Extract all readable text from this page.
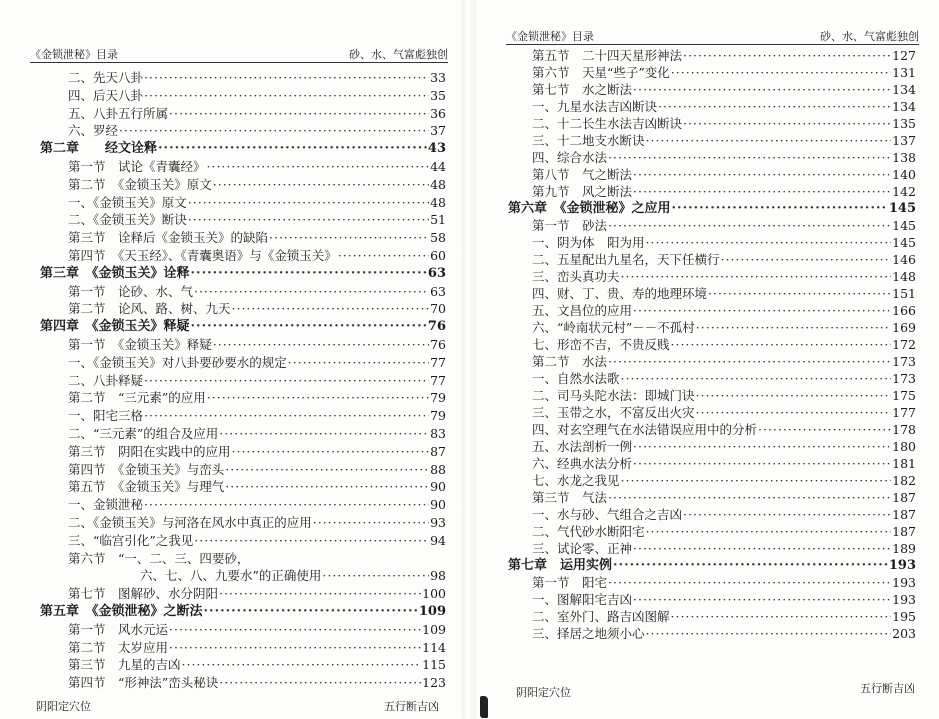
《金锁泄秘》目录	砂、水、气富彪独创
二、先天八卦 ·····	33
四、后天八卦 ·····	35
五、八卦五行所属 ·····	36
六、罗经 ·····	37
第二章　　经文诠释 ·····	43
第一节　试论《青囊经》 ·····	44
第二节　《金锁玉关》原文 ·····	48
一、《金锁玉关》原文 ·····	48
二、《金锁玉关》断诀 ·····	51
第三节　诠释后《金锁玉关》的缺陷 ·····	58
第四节　《天玉经》、《青囊奥语》与《金锁玉关》 ·····	60
第三章　《金锁玉关》诠释 ·····	63
第一节　论砂、水、气 ·····	63
第二节　论风、路、树、九天 ·····	70
第四章　《金锁玉关》释疑 ·····	76
第一节　《金锁玉关》释疑 ·····	76
一、《金锁玉关》对八卦要砂要水的规定 ·····	77
二、八卦释疑 ·····	77
第二节　“三元素”的应用 ·····	79
一、阳宅三格 ·····	79
二、“三元素”的组合及应用 ·····	83
第三节　阴阳在实践中的应用 ·····	87
第四节　《金锁玉关》与峦头 ·····	88
第五节　《金锁玉关》与理气 ·····	90
一、金锁泄秘 ·····	90
二、《金锁玉关》与河洛在风水中真正的应用 ·····	93
三、“临宫引化”之我见 ·····	94
第六节　“一、二、三、四要砂，
六、七、八、九要水”的正确使用 ·····	98
第七节　图解砂、水分阴阳 ·····	100
第五章　《金锁泄秘》之断法 ·····	109
第一节　风水元运 ·····	109
第二节　太岁应用 ·····	114
第三节　九星的吉凶 ·····	115
第四节　“形神法”峦头秘诀 ·····	123
阴阳定穴位	五行断吉凶
《金锁泄秘》目录	砂、水、气富彪独创
第五节　二十四天星形神法 ·····	127
第六节　天星“些子”变化 ·····	131
第七节　水之断法 ·····	134
一、九星水法吉凶断诀 ·····	134
二、十二长生水法吉凶断诀 ·····	135
三、十二地支水断诀 ·····	137
四、综合水法 ·····	138
第八节　气之断法 ·····	140
第九节　风之断法 ·····	142
第六章　《金锁泄秘》之应用 ·····	145
第一节　砂法 ·····	145
一、阴为体　阳为用 ·····	145
二、五星配出九星名，天下任横行 ·····	146
三、峦头真功夫 ·····	148
四、财、丁、贵、寿的地理环境 ·····	151
五、文昌位的应用 ·····	166
六、“岭南状元村”－－不孤村 ·····	169
七、形峦不吉，不贵反贱 ·····	172
第二节　水法 ·····	173
一、自然水法歌 ·····	173
二、司马头陀水法：即城门诀 ·····	175
三、玉带之水，不富反出火灾 ·····	177
四、对玄空理气在水法错误应用中的分析 ·····	178
五、水法剖析一例 ·····	180
六、经典水法分析 ·····	181
七、水龙之我见 ·····	182
第三节　气法 ·····	187
一、水与砂、气组合之吉凶 ·····	187
二、气代砂水断阳宅 ·····	187
三、试论零、正神 ·····	189
第七章　运用实例 ·····	193
第一节　阳宅 ·····	193
一、图解阳宅吉凶 ·····	193
二、室外门、路吉凶图解 ·····	195
三、择居之地须小心 ·····	203
阴阳定穴位	五行断吉凶
